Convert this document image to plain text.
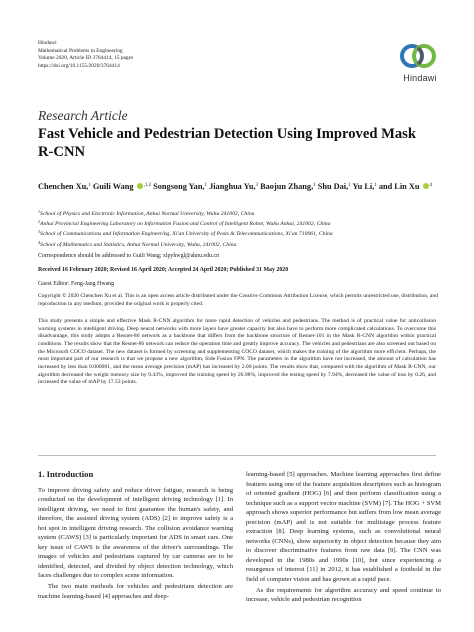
Hindawi
Mathematical Problems in Engineering
Volume 2020, Article ID 3764414, 15 pages
https://doi.org/10.1155/2020/3764414
Hindawi
Research Article
Fast Vehicle and Pedestrian Detection Using Improved Mask R-CNN
Chenchen Xu,$^1$ Guili Wang $^{,1,2}$ Songsong Yan,$^1$ Jianghua Yu,$^3$ Baojun Zhang,$^1$ Shu Dai,$^1$ Yu Li,$^1$ and Lin Xu $^4$
$^1$School of Physics and Electronic Information, Anhui Normal University, Wuhu 241002, China
$^2$Anhui Provincial Engineering Laboratory on Information Fusion and Control of Intelligent Robot, Wuhu Anhui, 241002, China
$^3$School of Communications and Information Engineering, Xi'an University of Posts & Telecommunications, Xi'an 710061, China
$^4$School of Mathematics and Statistics, Anhui Normal University, Wuhu, 241002, China
Correspondence should be addressed to Guili Wang; xlpyhwgl@ahnu.edu.cn
Received 16 February 2020; Revised 16 April 2020; Accepted 24 April 2020; Published 31 May 2020
Guest Editor: Feng-Jang Hwang
Copyright © 2020 Chenchen Xu et al. This is an open access article distributed under the Creative Commons Attribution License, which permits unrestricted use, distribution, and reproduction in any medium, provided the original work is properly cited.
This study presents a simple and effective Mask R-CNN algorithm for more rapid detection of vehicles and pedestrians. The method is of practical value for anticollision warning systems in intelligent driving. Deep neural networks with more layers have greater capacity but also have to perform more complicated calculations. To overcome this disadvantage, this study adopts a Resnet-86 network as a backbone that differs from the backbone structure of Resnet-101 in the Mask R-CNN algorithm within practical conditions. The results show that the Resnet-86 network can reduce the operation time and greatly improve accuracy. The vehicles and pedestrians are also screened out based on the Microsoft COCO dataset. The new dataset is formed by screening and supplementing COCO dataset, which makes the training of the algorithm more efficient. Perhaps, the most important part of our research is that we propose a new algorithm, Side Fusion FPN. The parameters in the algorithm have not increased, the amount of calculation has increased by less than 0.000001, and the mean average precision (mAP) has increased by 2.00 points. The results show that, compared with the algorithm of Mask R-CNN, our algorithm decreased the weight memory size by 9.43%, improved the training speed by 26.98%, improved the testing speed by 7.94%, decreased the value of loss by 0.26, and increased the value of mAP by 17.53 points.
1. Introduction

To improve driving safety and reduce driver fatigue, research is being conducted on the development of intelligent driving technology [1]. In intelligent driving, we need to first guarantee the human's safety, and therefore, the assisted driving system (ADS) [2] to improve safety is a hot spot in intelligent driving research. The collision avoidance warning system (CAWS) [3] is particularly important for ADS in smart cars. One key issue of CAWS is the awareness of the driver's surroundings. The images of vehicles and pedestrians captured by car cameras are to be identified, detected, and divided by object detection technology, which faces challenges due to complex scene information.

The two main methods for vehicles and pedestrians detection are machine learning-based [4] approaches and deep-

learning-based [5] approaches. Machine learning approaches first define features using one of the feature acquisition descriptors such as histogram of oriented gradient (HOG) [6] and then perform classification using a technique such as a support vector machine (SVM) [7]. The HOG + SVM approach shows superior performance but suffers from low mean average precision (mAP) and is not suitable for multistage process feature extraction [8]. Deep learning systems, such as convolutional neural networks (CNNs), show superiority in object detection because they aim to discover discriminative features from raw data [9]. The CNN was developed in the 1980s and 1990s [10], but since experiencing a resurgence of interest [11] in 2012, it has established a foothold in the field of computer vision and has grown at a rapid pace.

As the requirements for algorithm accuracy and speed continue to increase, vehicle and pedestrian recognition
